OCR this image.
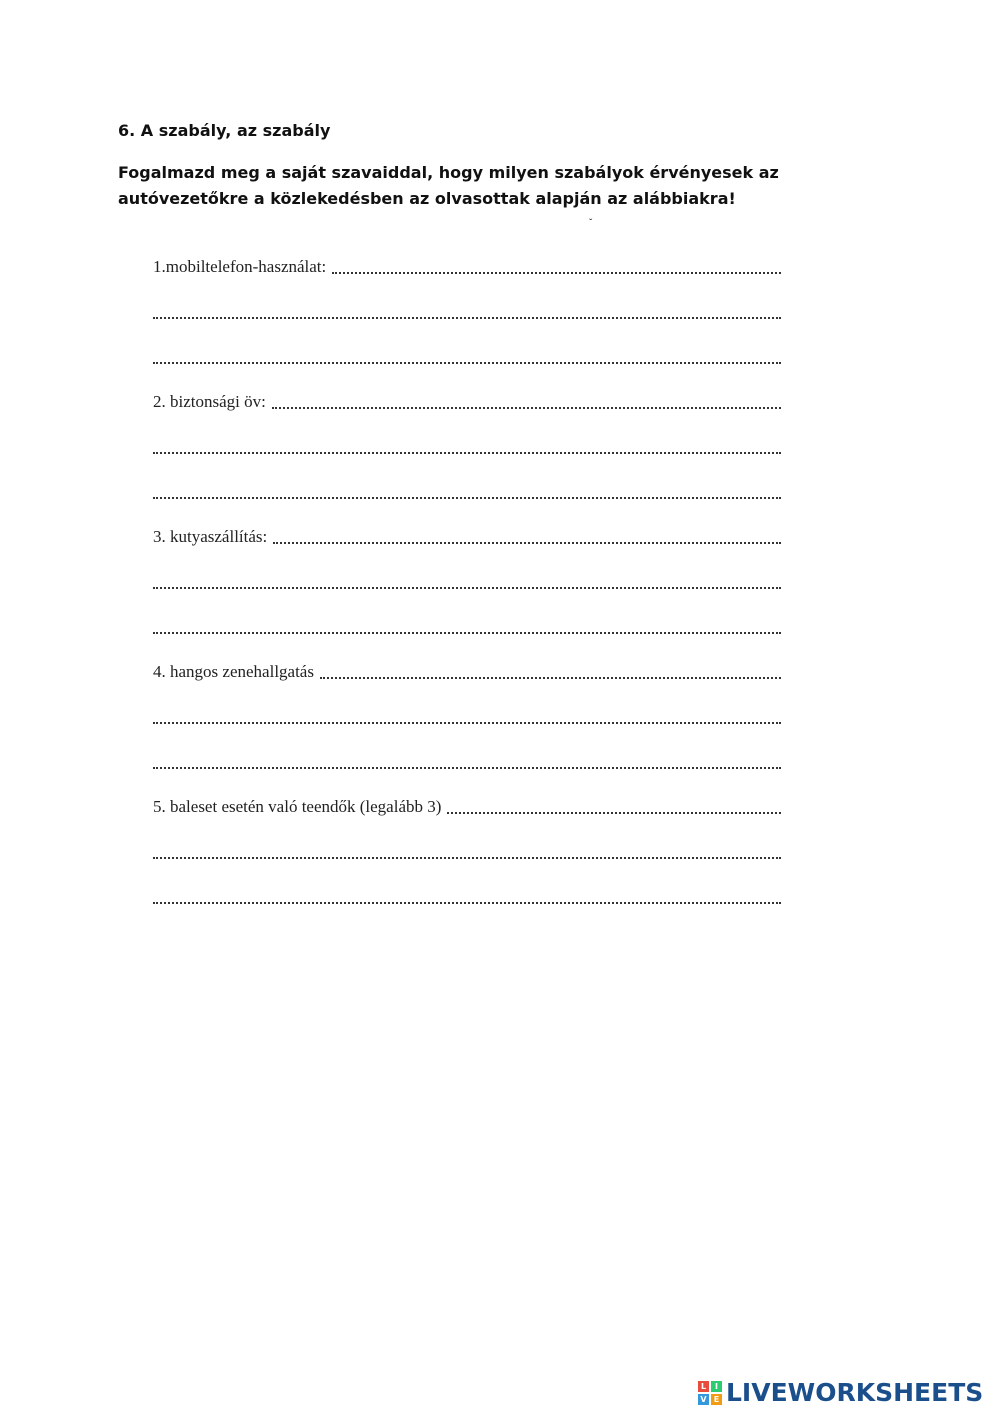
6. A szabály, az szabály
Fogalmazd meg a saját szavaiddal, hogy milyen szabályok érvényesek az autóvezetőkre a közlekedésben az olvasottak alapján az alábbiakra!
ˇ
1.mobiltelefon-használat:
2. biztonsági öv:
3. kutyaszállítás:
4. hangos zenehallgatás
5. baleset esetén való teendők (legalább 3)
L	I
V E LIVEWORKSHEETS
